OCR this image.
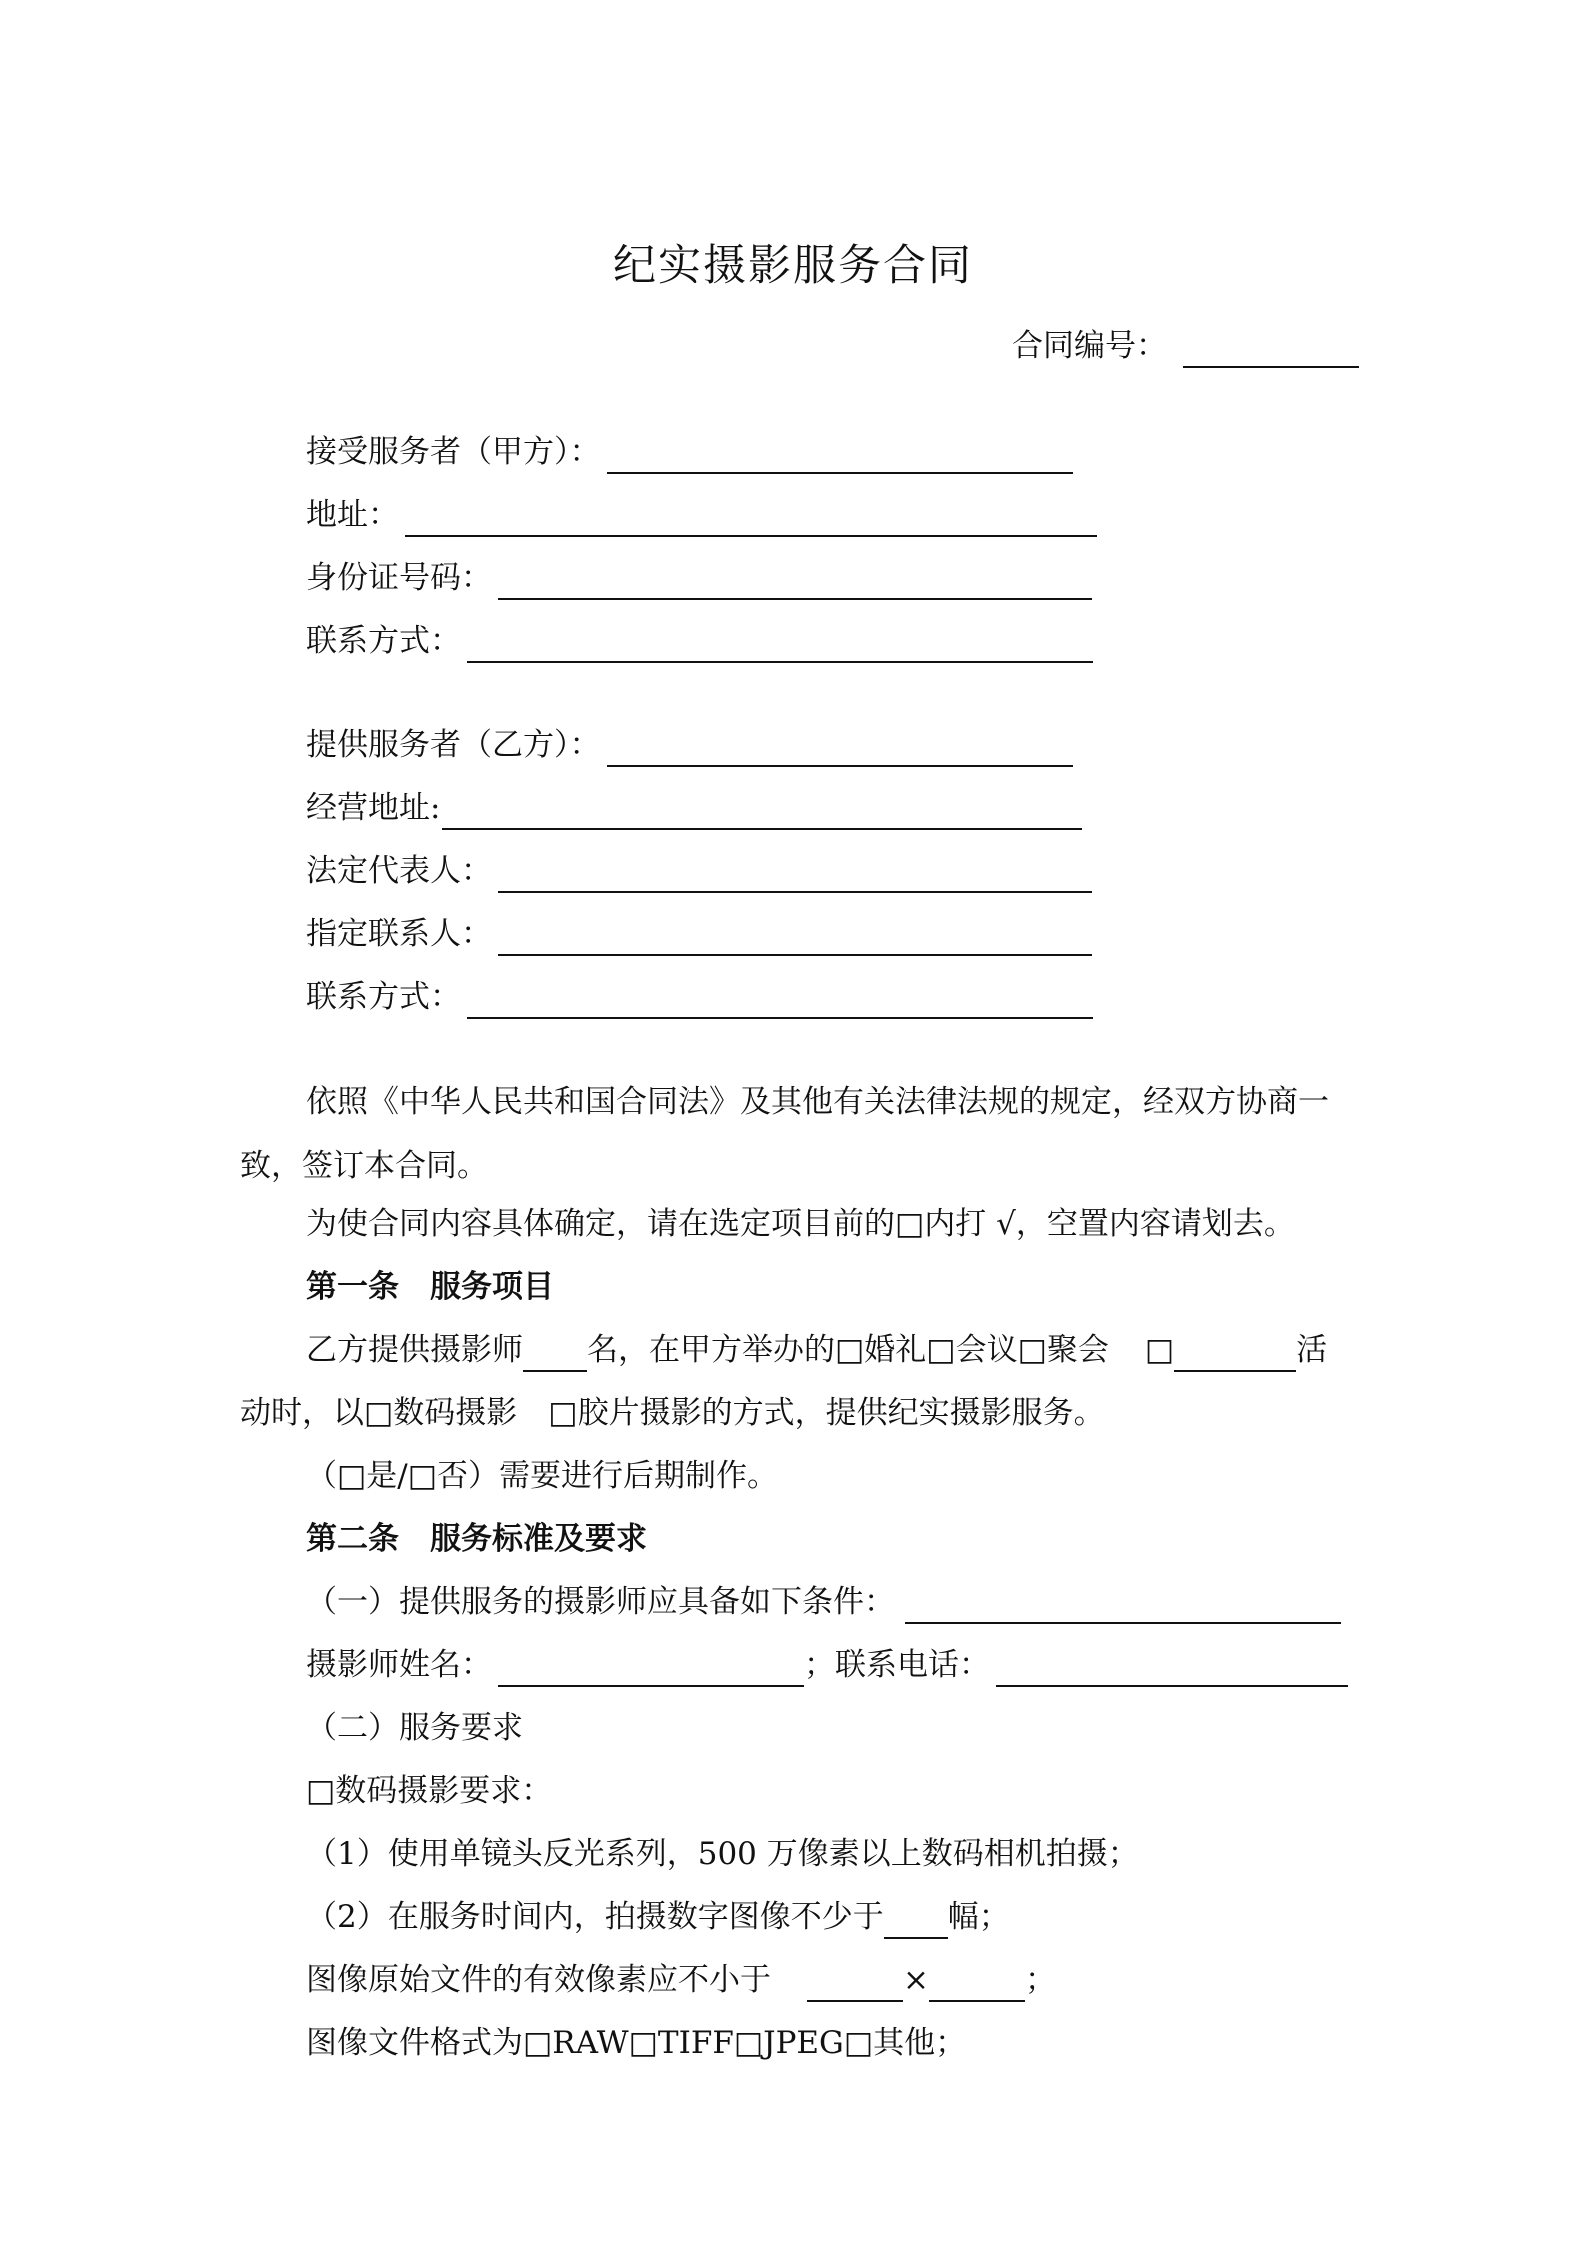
纪实摄影服务合同
合同编号：
接受服务者（甲方）：
地址：
身份证号码：
联系方式：
提供服务者（乙方）：
经营地址:
法定代表人：
指定联系人：
联系方式：
依照《中华人民共和国合同法》及其他有关法律法规的规定，经双方协商一致，签订本合同。
为使合同内容具体确定，请在选定项目前的□内打 √，空置内容请划去。
第一条　服务项目
乙方提供摄影师 名，在甲方举办的□婚礼□会议□聚会 □	活
动时，以□数码摄影　□胶片摄影的方式，提供纪实摄影服务。
（□是/□否）需要进行后期制作。
第二条　服务标准及要求
（一）提供服务的摄影师应具备如下条件：
摄影师姓名：	；联系电话：
（二）服务要求
□数码摄影要求：
（1）使用单镜头反光系列，500 万像素以上数码相机拍摄；
（2）在服务时间内，拍摄数字图像不少于 幅；
图像原始文件的有效像素应不小于	×	；
图像文件格式为□RAW□TIFF□JPEG□其他；
